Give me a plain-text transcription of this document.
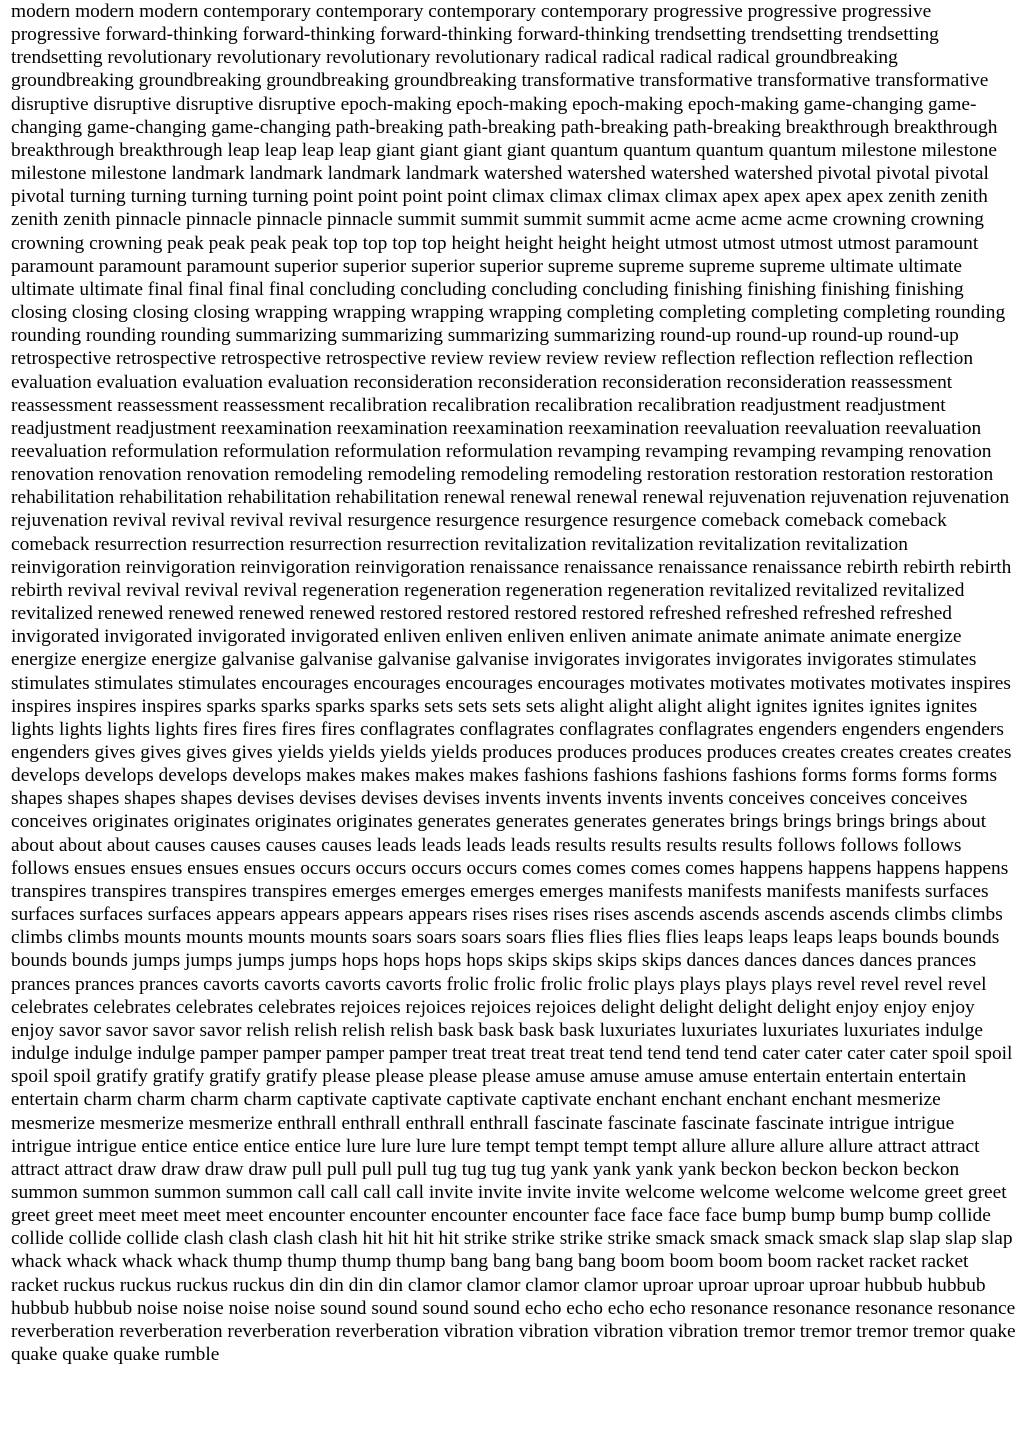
modern modern modern contemporary contemporary contemporary contemporary progressive progressive progressive progressive forward-thinking forward-thinking forward-thinking forward-thinking trendsetting trendsetting trendsetting trendsetting revolutionary revolutionary revolutionary revolutionary radical radical radical radical groundbreaking groundbreaking groundbreaking groundbreaking groundbreaking transformative transformative transformative transformative disruptive disruptive disruptive disruptive epoch-making epoch-making epoch-making epoch-making game-changing game-changing game-changing game-changing path-breaking path-breaking path-breaking path-breaking breakthrough breakthrough breakthrough breakthrough leap leap leap leap giant giant giant giant quantum quantum quantum quantum milestone milestone milestone milestone landmark landmark landmark landmark watershed watershed watershed watershed pivotal pivotal pivotal pivotal turning turning turning turning point point point point climax climax climax climax apex apex apex apex zenith zenith zenith zenith pinnacle pinnacle pinnacle pinnacle summit summit summit summit acme acme acme acme crowning crowning crowning crowning peak peak peak peak top top top top height height height height utmost utmost utmost utmost paramount paramount paramount paramount superior superior superior superior supreme supreme supreme supreme ultimate ultimate ultimate ultimate final final final final concluding concluding concluding concluding finishing finishing finishing finishing closing closing closing closing wrapping wrapping wrapping wrapping completing completing completing completing rounding rounding rounding rounding summarizing summarizing summarizing summarizing round-up round-up round-up round-up retrospective retrospective retrospective retrospective review review review review reflection reflection reflection reflection evaluation evaluation evaluation evaluation reconsideration reconsideration reconsideration reconsideration reassessment reassessment reassessment reassessment recalibration recalibration recalibration recalibration readjustment readjustment readjustment readjustment reexamination reexamination reexamination reexamination reevaluation reevaluation reevaluation reevaluation reformulation reformulation reformulation reformulation revamping revamping revamping revamping renovation renovation renovation renovation remodeling remodeling remodeling remodeling restoration restoration restoration restoration rehabilitation rehabilitation rehabilitation rehabilitation renewal renewal renewal renewal rejuvenation rejuvenation rejuvenation rejuvenation revival revival revival revival resurgence resurgence resurgence resurgence comeback comeback comeback comeback resurrection resurrection resurrection resurrection revitalization revitalization revitalization revitalization reinvigoration reinvigoration reinvigoration reinvigoration renaissance renaissance renaissance renaissance rebirth rebirth rebirth rebirth revival revival revival revival regeneration regeneration regeneration regeneration revitalized revitalized revitalized revitalized renewed renewed renewed renewed restored restored restored restored refreshed refreshed refreshed refreshed invigorated invigorated invigorated invigorated enliven enliven enliven enliven animate animate animate animate energize energize energize energize galvanise galvanise galvanise galvanise invigorates invigorates invigorates invigorates stimulates stimulates stimulates stimulates encourages encourages encourages encourages motivates motivates motivates motivates inspires inspires inspires inspires sparks sparks sparks sparks sets sets sets sets alight alight alight alight ignites ignites ignites ignites lights lights lights lights fires fires fires fires conflagrates conflagrates conflagrates conflagrates engenders engenders engenders engenders gives gives gives gives yields yields yields yields produces produces produces produces creates creates creates creates develops develops develops develops makes makes makes makes fashions fashions fashions fashions forms forms forms forms shapes shapes shapes shapes devises devises devises devises invents invents invents invents conceives conceives conceives conceives originates originates originates originates generates generates generates generates brings brings brings brings about about about about causes causes causes causes leads leads leads leads results results results results follows follows follows follows ensues ensues ensues ensues occurs occurs occurs occurs comes comes comes comes happens happens happens happens transpires transpires transpires transpires emerges emerges emerges emerges manifests manifests manifests manifests surfaces surfaces surfaces surfaces appears appears appears appears rises rises rises rises ascends ascends ascends ascends climbs climbs climbs climbs mounts mounts mounts mounts soars soars soars soars flies flies flies flies leaps leaps leaps leaps bounds bounds bounds bounds jumps jumps jumps jumps hops hops hops hops skips skips skips skips dances dances dances dances prances prances prances prances cavorts cavorts cavorts cavorts frolic frolic frolic frolic plays plays plays plays revel revel revel revel celebrates celebrates celebrates celebrates rejoices rejoices rejoices rejoices delight delight delight delight enjoy enjoy enjoy enjoy savor savor savor savor relish relish relish relish bask bask bask bask luxuriates luxuriates luxuriates luxuriates indulge indulge indulge indulge pamper pamper pamper pamper treat treat treat treat tend tend tend tend cater cater cater cater spoil spoil spoil spoil gratify gratify gratify gratify please please please please amuse amuse amuse amuse entertain entertain entertain entertain charm charm charm charm captivate captivate captivate captivate enchant enchant enchant enchant mesmerize mesmerize mesmerize mesmerize enthrall enthrall enthrall enthrall fascinate fascinate fascinate fascinate intrigue intrigue intrigue intrigue entice entice entice entice lure lure lure lure tempt tempt tempt tempt allure allure allure allure attract attract attract attract draw draw draw draw pull pull pull pull tug tug tug tug yank yank yank yank beckon beckon beckon beckon summon summon summon summon call call call call invite invite invite invite welcome welcome welcome welcome greet greet greet greet meet meet meet meet encounter encounter encounter encounter face face face face bump bump bump bump collide collide collide collide clash clash clash clash hit hit hit hit strike strike strike strike smack smack smack smack slap slap slap slap whack whack whack whack thump thump thump thump bang bang bang bang boom boom boom boom racket racket racket racket ruckus ruckus ruckus ruckus din din din din clamor clamor clamor clamor uproar uproar uproar uproar hubbub hubbub hubbub hubbub noise noise noise noise sound sound sound sound echo echo echo echo resonance resonance resonance resonance reverberation reverberation reverberation reverberation vibration vibration vibration vibration tremor tremor tremor tremor quake quake quake quake rumble
